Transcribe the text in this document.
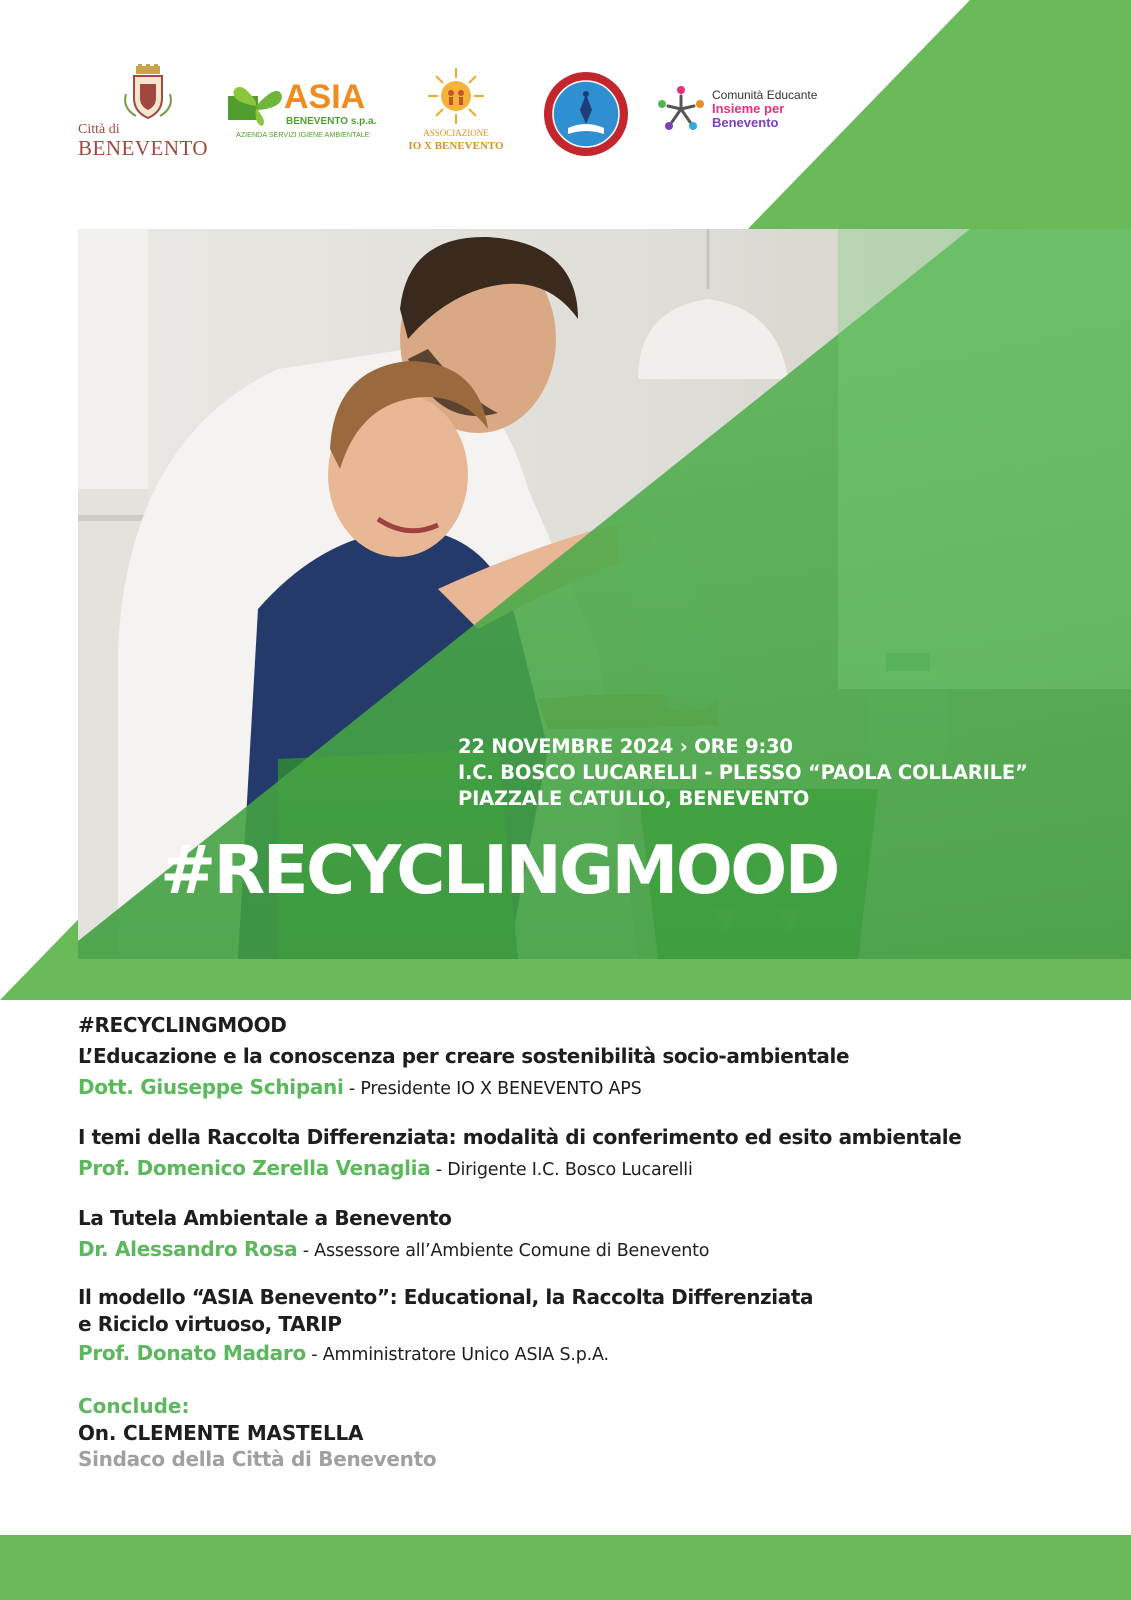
Città di
BENEVENTO
ASIA
BENEVENTO s.p.a.
AZIENDA SERVIZI IGIENE AMBIENTALE	ASSOCIAZIONE
IO X BENEVENTO
Comunità Educante
Insieme per
Benevento
22 NOVEMBRE 2024 › ORE 9:30
I.C. BOSCO LUCARELLI - PLESSO “PAOLA COLLARILE”
PIAZZALE CATULLO, BENEVENTO
#RECYCLINGMOOD
#RECYCLINGMOOD
L’Educazione e la conoscenza per creare sostenibilità socio-ambientale
Dott. Giuseppe Schipani - Presidente IO X BENEVENTO APS
I temi della Raccolta Differenziata: modalità di conferimento ed esito ambientale
Prof. Domenico Zerella Venaglia - Dirigente I.C. Bosco Lucarelli
La Tutela Ambientale a Benevento
Dr. Alessandro Rosa - Assessore all’Ambiente Comune di Benevento
Il modello “ASIA Benevento”: Educational, la Raccolta Differenziata
e Riciclo virtuoso, TARIP
Prof. Donato Madaro - Amministratore Unico ASIA S.p.A.
Conclude:
On. CLEMENTE MASTELLA
Sindaco della Città di Benevento
